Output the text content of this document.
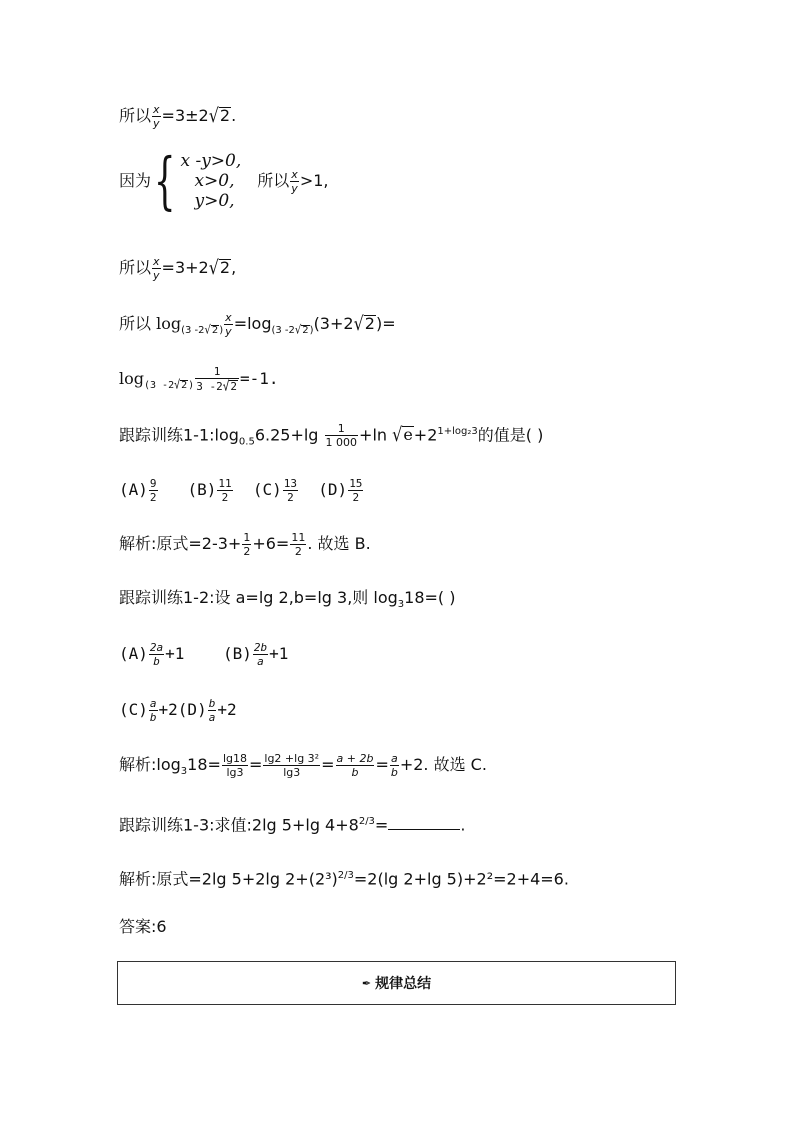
所以 $\frac{x}{y} =3\pm 2√2$.
因为{ x -y>0,
x>0,
y>0,
所以 $\frac{x}{y} >1$,
所以 $\frac{x}{y} =3+2√2$,
所以 $\log_{(3 -2√2)} \frac{x}{y} =\log_{(3 -2√2)}(3+2√2)=$
$\log_{(3 -2√2)} \frac{1}{3 -2√2} =-1$.
跟踪训练$1-1:\log_{0.5}6.25+\lg \frac{1}{1 000} +\ln$ $√e+2^{1+log_23}$的值是( )
$(A) \frac{9}{2} (B) \frac{11}{2} (C) \frac{13}{2} (D) \frac{15}{2}$
解析:原式$=2-3+ \frac{1}{2} +6= \frac{11}{2}$ . 故选 B.
跟踪训练1-2:设 a=lg 2,b=lg 3,则 $\log_318=$( )
$(A) \frac{2a}{b} +1$ $(B) \frac{2b}{a} +1$
$(C) \frac{a}{b} +2(D) \frac{b}{a} +2$
解析$:\log_318= \frac{\lg 18}{\lg 3} = \frac{\text{lg2 +lg 3²}}{\lg 3} = \frac{a + 2b}{b} = \frac{a}{b} +2$. 故选 C.
跟踪训练1-3:求值:2lg 5+lg $4+8^{2/3}=$	.
解析:原式=2lg 5+2lg $2+(2^3)^{2/3}=2(\lg$ 2+lg 5)+2²=2+4=6.
答案:6
✒ 规律总结
